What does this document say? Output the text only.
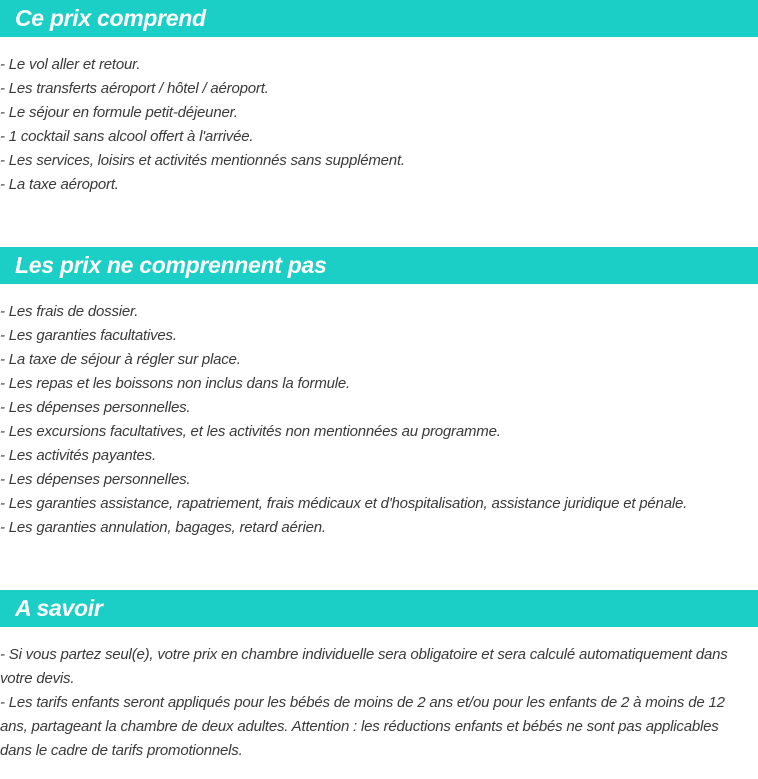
Ce prix comprend
- Le vol aller et retour.
- Les transferts aéroport / hôtel / aéroport.
- Le séjour en formule petit-déjeuner.
- 1 cocktail sans alcool offert à l'arrivée.
- Les services, loisirs et activités mentionnés sans supplément.
- La taxe aéroport.
Les prix ne comprennent pas
- Les frais de dossier.
- Les garanties facultatives.
- La taxe de séjour à régler sur place.
- Les repas et les boissons non inclus dans la formule.
- Les dépenses personnelles.
- Les excursions facultatives, et les activités non mentionnées au programme.
- Les activités payantes.
- Les dépenses personnelles.
- Les garanties assistance, rapatriement, frais médicaux et d'hospitalisation, assistance juridique et pénale.
- Les garanties annulation, bagages, retard aérien.
A savoir

- Si vous partez seul(e), votre prix en chambre individuelle sera obligatoire et sera calculé automatiquement dans votre devis.

- Les tarifs enfants seront appliqués pour les bébés de moins de 2 ans et/ou pour les enfants de 2 à moins de 12 ans, partageant la chambre de deux adultes. Attention : les réductions enfants et bébés ne sont pas applicables dans le cadre de tarifs promotionnels.
